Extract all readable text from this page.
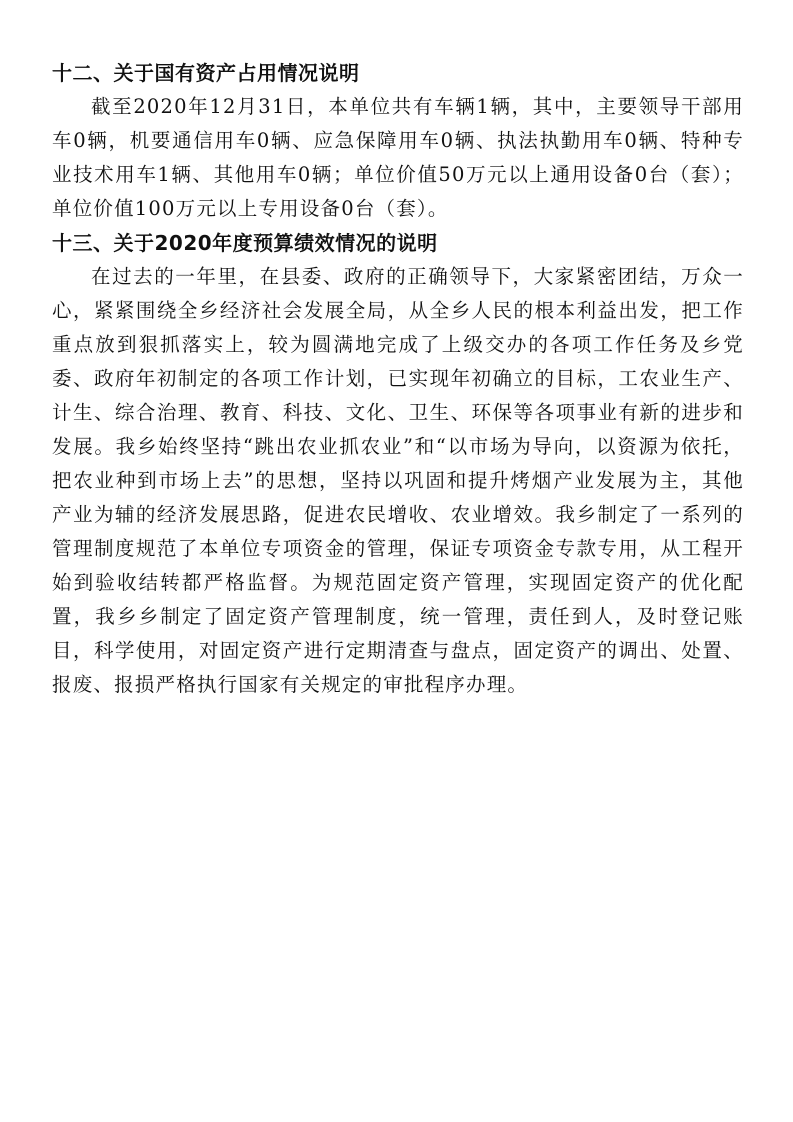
十二、关于国有资产占用情况说明

截至2020年12月31日，本单位共有车辆1辆，其中，主要领导干部用车0辆，机要通信用车0辆、应急保障用车0辆、执法执勤用车0辆、特种专业技术用车1辆、其他用车0辆；单位价值50万元以上通用设备0台（套）；单位价值100万元以上专用设备0台（套）。

十三、关于2020年度预算绩效情况的说明

在过去的一年里，在县委、政府的正确领导下，大家紧密团结，万众一心，紧紧围绕全乡经济社会发展全局，从全乡人民的根本利益出发，把工作重点放到狠抓落实上，较为圆满地完成了上级交办的各项工作任务及乡党委、政府年初制定的各项工作计划，已实现年初确立的目标，工农业生产、计生、综合治理、教育、科技、文化、卫生、环保等各项事业有新的进步和发展。我乡始终坚持“跳出农业抓农业”和“以市场为导向，以资源为依托，把农业种到市场上去”的思想，坚持以巩固和提升烤烟产业发展为主，其他产业为辅的经济发展思路，促进农民增收、农业增效。我乡制定了一系列的管理制度规范了本单位专项资金的管理，保证专项资金专款专用，从工程开始到验收结转都严格监督。为规范固定资产管理，实现固定资产的优化配置，我乡乡制定了固定资产管理制度，统一管理，责任到人，及时登记账目，科学使用，对固定资产进行定期清查与盘点，固定资产的调出、处置、报废、报损严格执行国家有关规定的审批程序办理。
